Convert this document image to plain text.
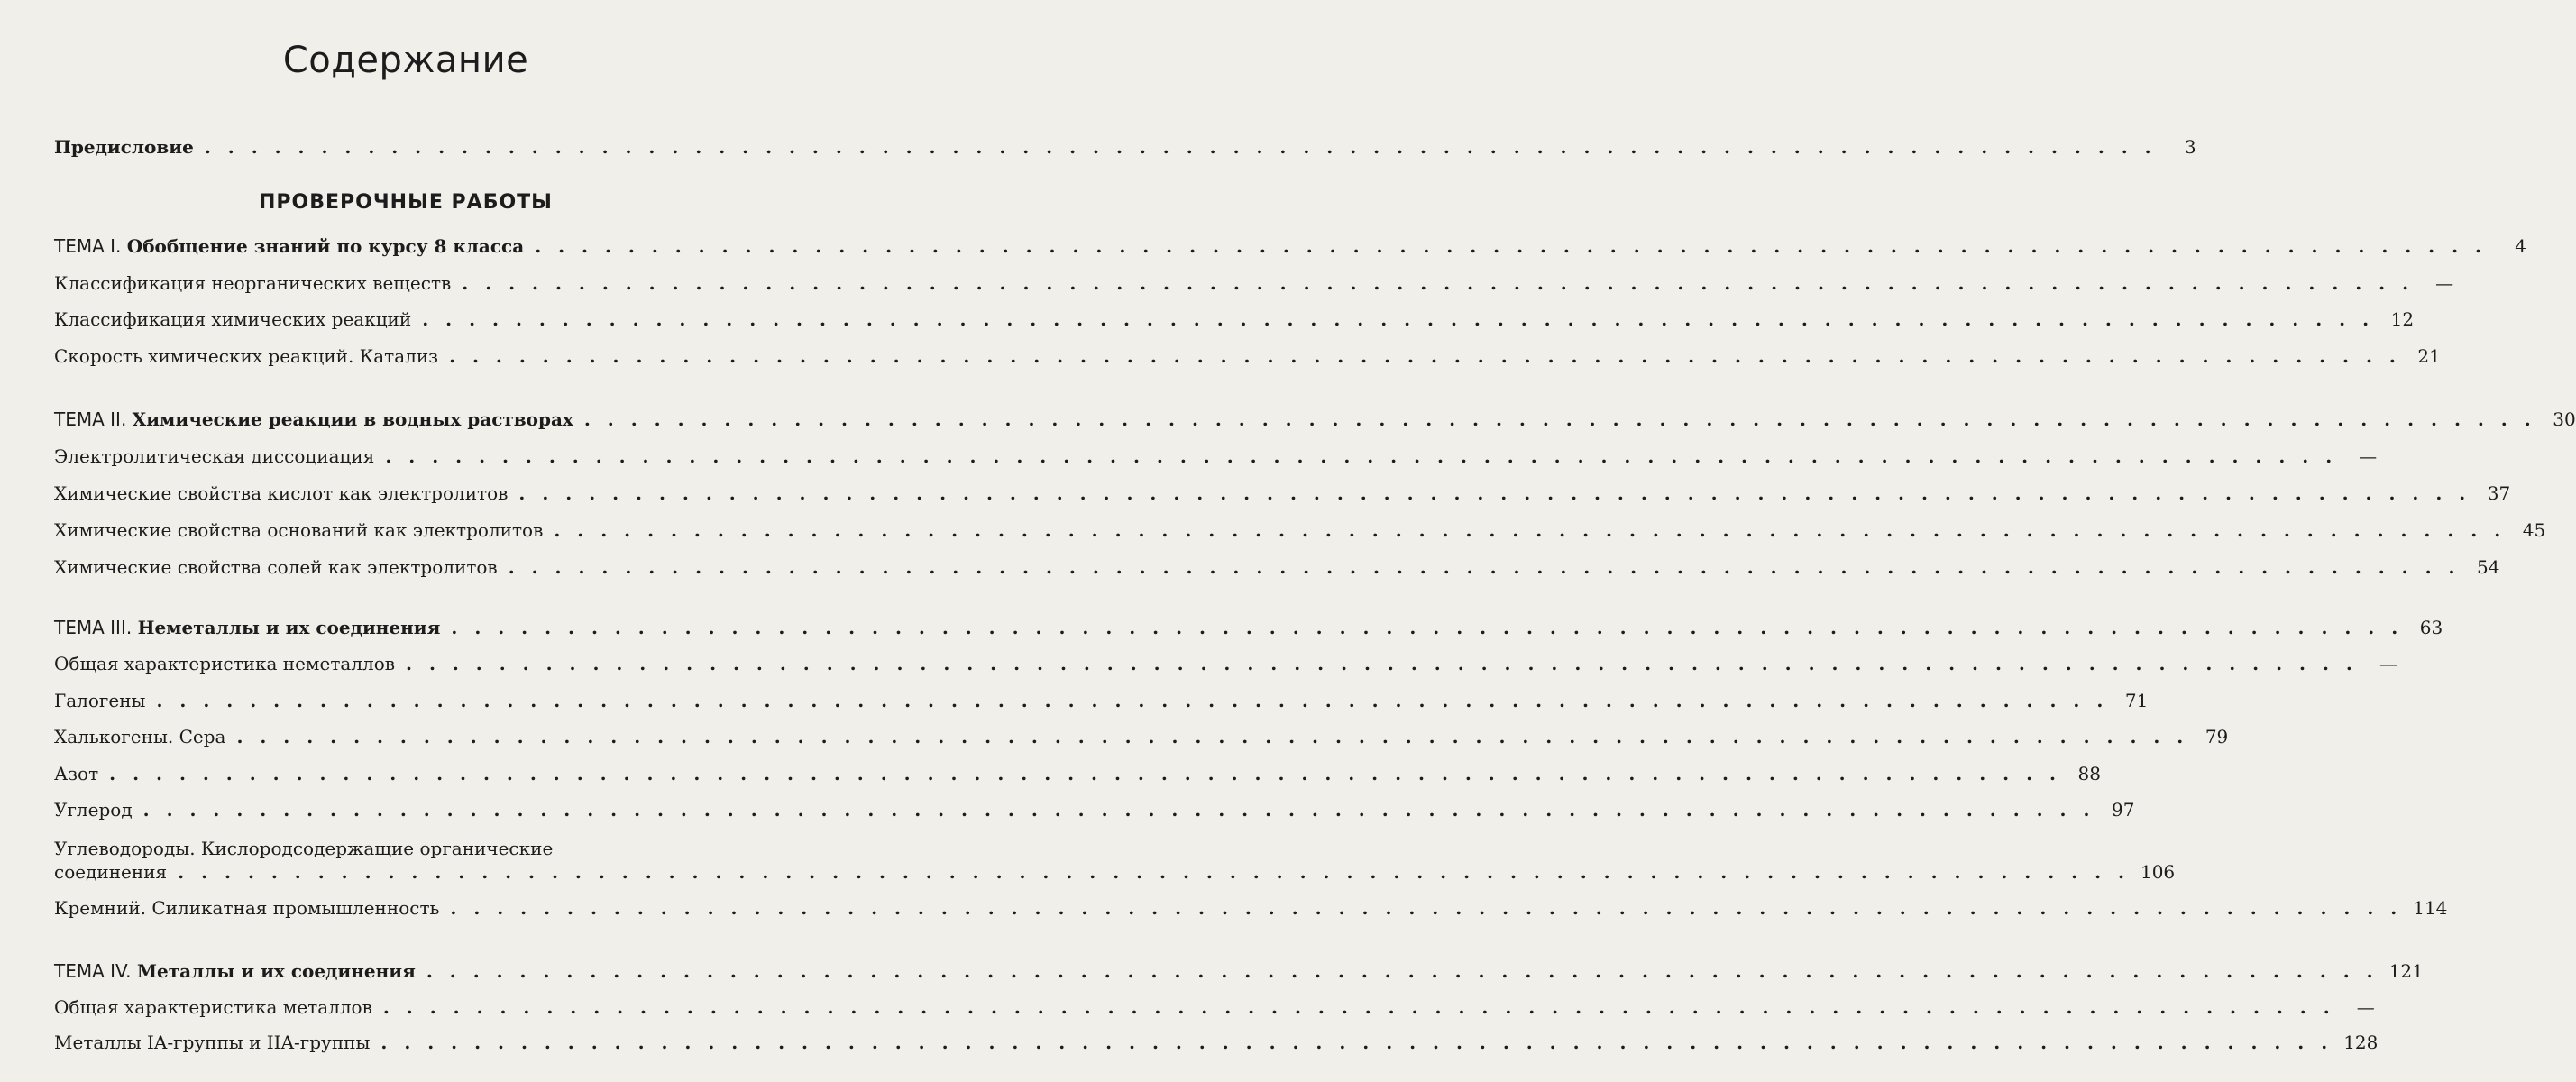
Содержание
Предисловие . . .	3
ПРОВЕРОЧНЫЕ РАБОТЫ
ТЕМА I. Обобщение знаний по курсу 8 класса . . .	4
Классификация неорганических веществ . . .	—
Классификация химических реакций . . .	12
Скорость химических реакций. Катализ . . .	21
ТЕМА II. Химические реакции в водных растворах . . .	30
Электролитическая диссоциация . . .	—
Химические свойства кислот как электролитов . . .	37
Химические свойства оснований как электролитов . . .	45
Химические свойства солей как электролитов . . .	54
ТЕМА III. Неметаллы и их соединения . . .	63
Общая характеристика неметаллов . . .	—
Галогены . . .	71
Халькогены. Сера . . .	79
Азот . . .	88
Углерод . . .	97
Углеводороды. Кислородсодержащие органические
соединения . . .	106
Кремний. Силикатная промышленность . . .	114
ТЕМА IV. Металлы и их соединения . . .	121
Общая характеристика металлов . . .	—
Металлы IA-группы и IIA-группы . . .	128
